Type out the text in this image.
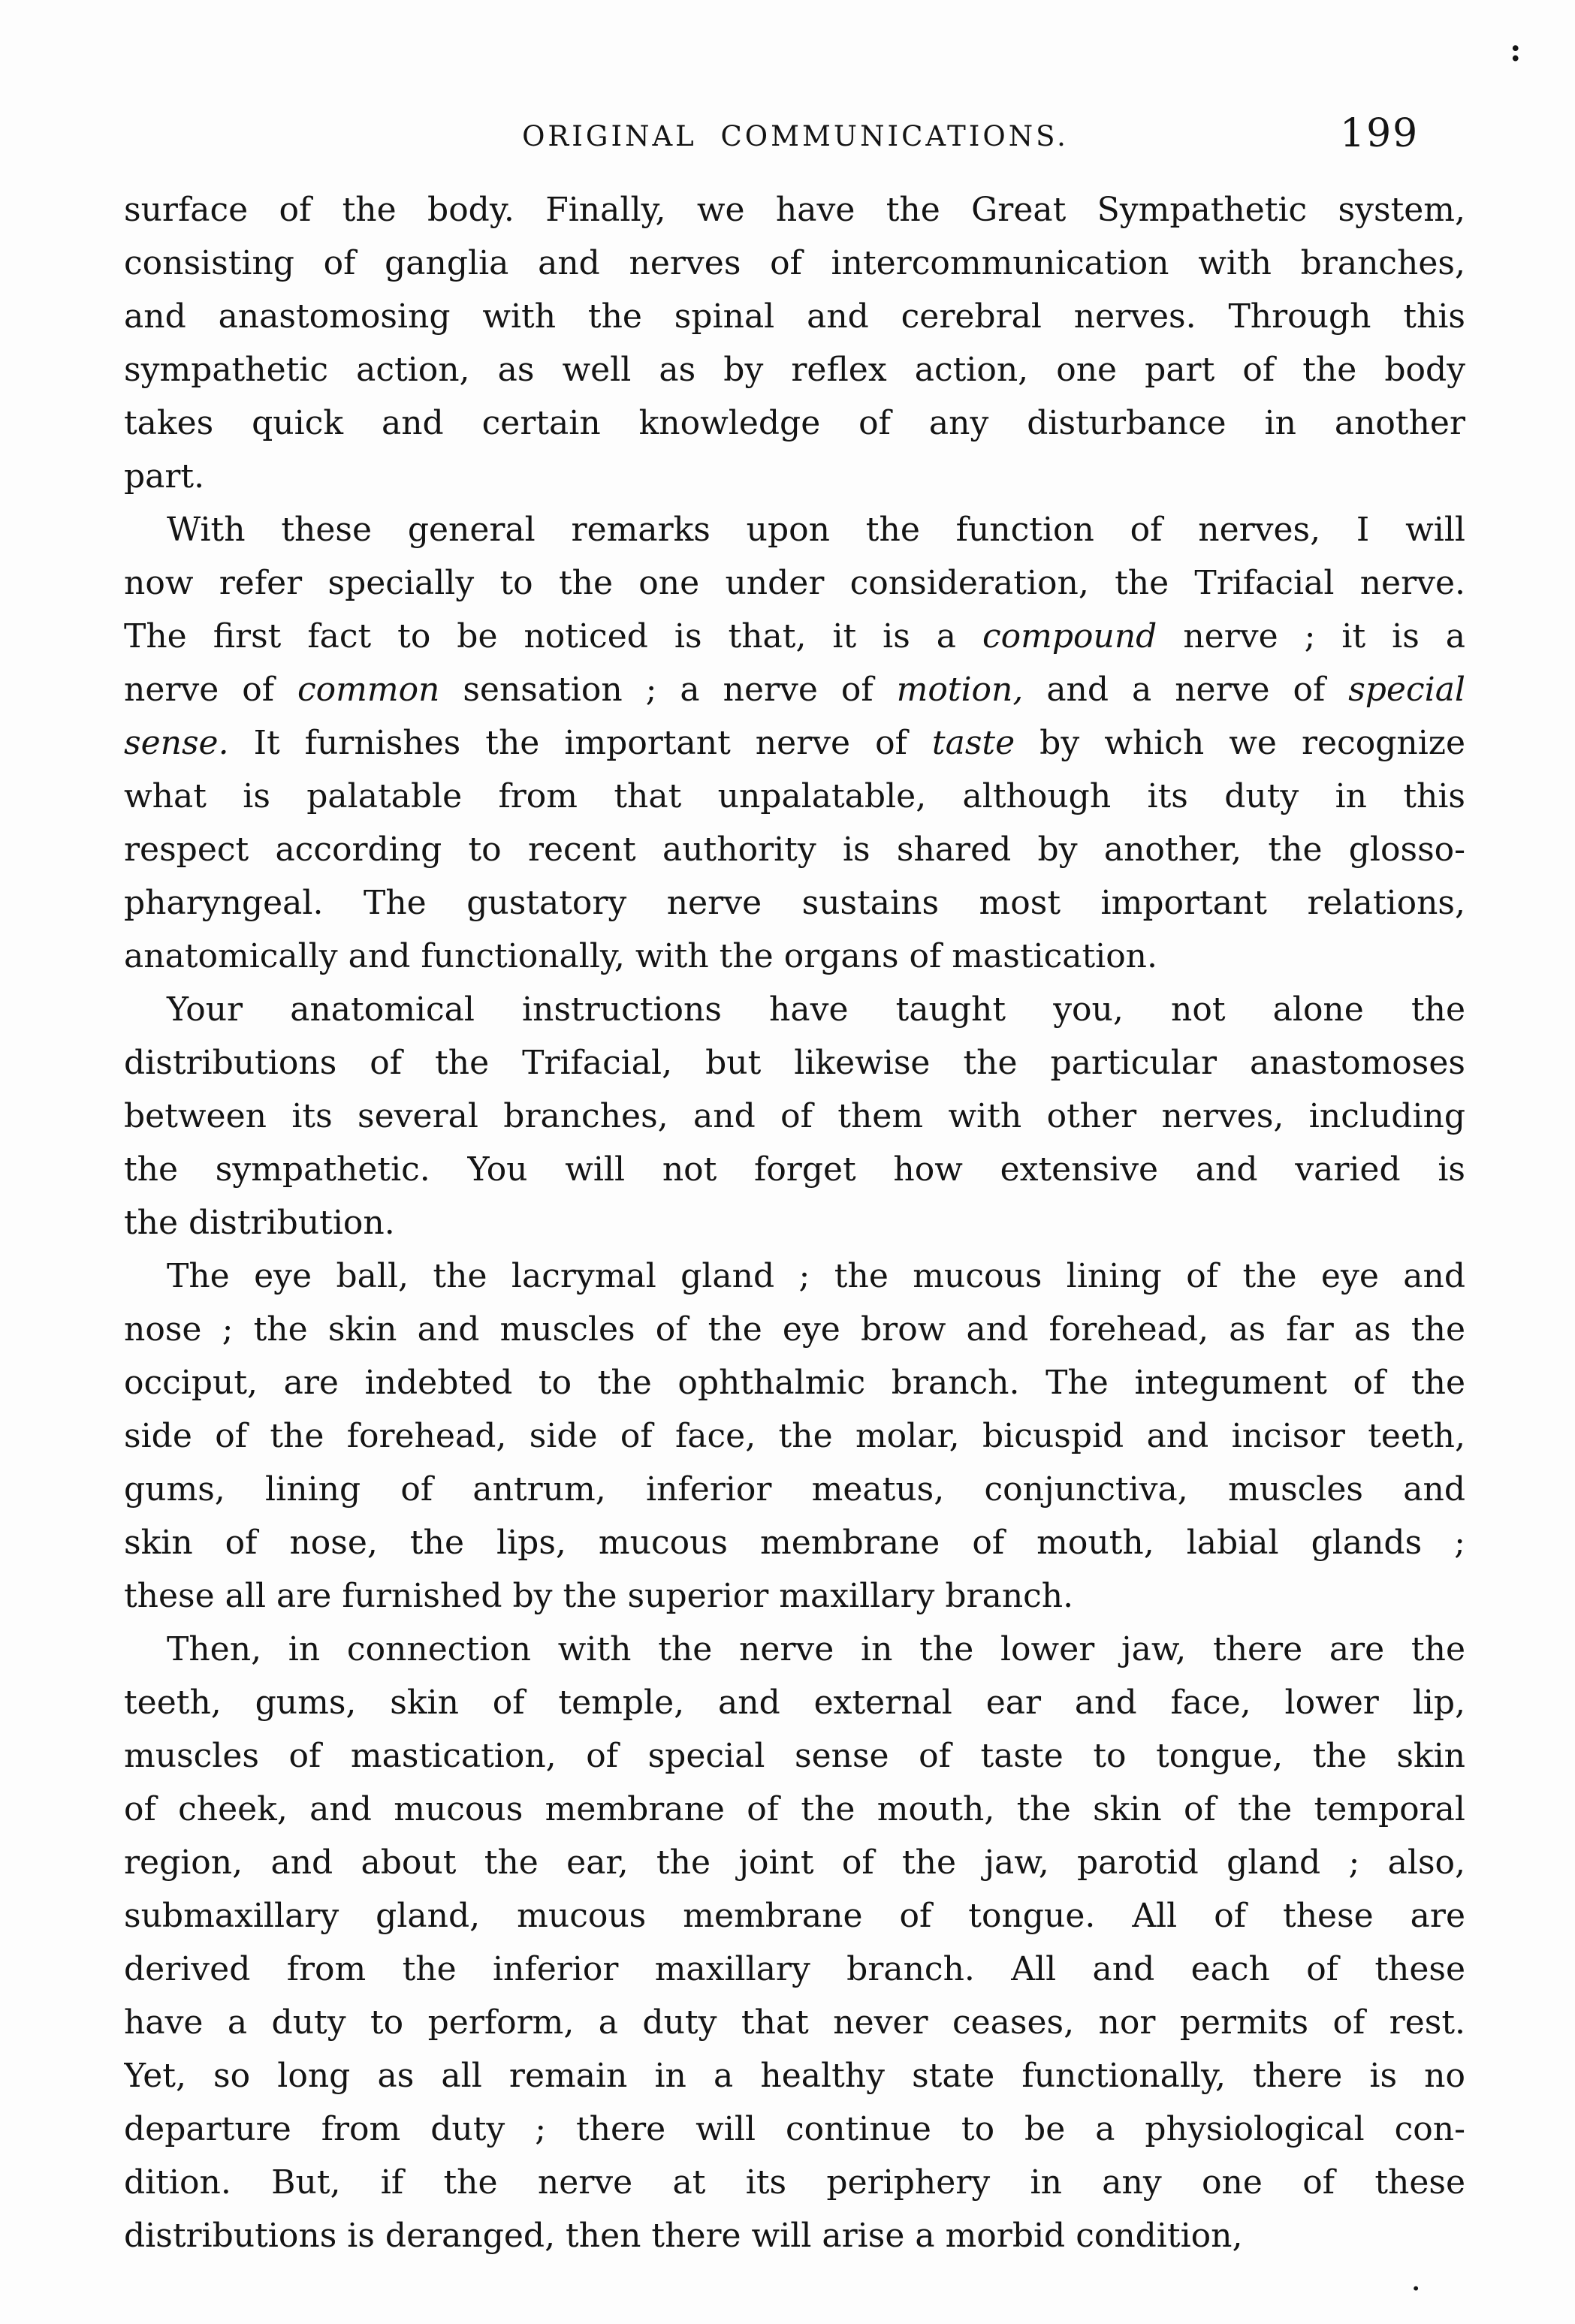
:
ORIGINAL COMMUNICATIONS.	199
surface of the body. Finally, we have the Great Sympathetic system,
consisting of ganglia and nerves of intercommunication with branches,
and anastomosing with the spinal and cerebral nerves. Through this
sympathetic action, as well as by reflex action, one part of the body
takes quick and certain knowledge of any disturbance in another
part.
With these general remarks upon the function of nerves, I will
now refer specially to the one under consideration, the Trifacial nerve.
The first fact to be noticed is that, it is a compound nerve ; it is a
nerve of common sensation ; a nerve of motion, and a nerve of special
sense. It furnishes the important nerve of taste by which we recognize
what is palatable from that unpalatable, although its duty in this
respect according to recent authority is shared by another, the glosso-
pharyngeal. The gustatory nerve sustains most important relations,
anatomically and functionally, with the organs of mastication.
Your anatomical instructions have taught you, not alone the
distributions of the Trifacial, but likewise the particular anastomoses
between its several branches, and of them with other nerves, including
the sympathetic. You will not forget how extensive and varied is
the distribution.
The eye ball, the lacrymal gland ; the mucous lining of the eye and
nose ; the skin and muscles of the eye brow and forehead, as far as the
occiput, are indebted to the ophthalmic branch. The integument of the
side of the forehead, side of face, the molar, bicuspid and incisor teeth,
gums, lining of antrum, inferior meatus, conjunctiva, muscles and
skin of nose, the lips, mucous membrane of mouth, labial glands ;
these all are furnished by the superior maxillary branch.
Then, in connection with the nerve in the lower jaw, there are the
teeth, gums, skin of temple, and external ear and face, lower lip,
muscles of mastication, of special sense of taste to tongue, the skin
of cheek, and mucous membrane of the mouth, the skin of the temporal
region, and about the ear, the joint of the jaw, parotid gland ; also,
submaxillary gland, mucous membrane of tongue. All of these are
derived from the inferior maxillary branch. All and each of these
have a duty to perform, a duty that never ceases, nor permits of rest.
Yet, so long as all remain in a healthy state functionally, there is no
departure from duty ; there will continue to be a physiological con-
dition. But, if the nerve at its periphery in any one of these
distributions is deranged, then there will arise a morbid condition,
.
